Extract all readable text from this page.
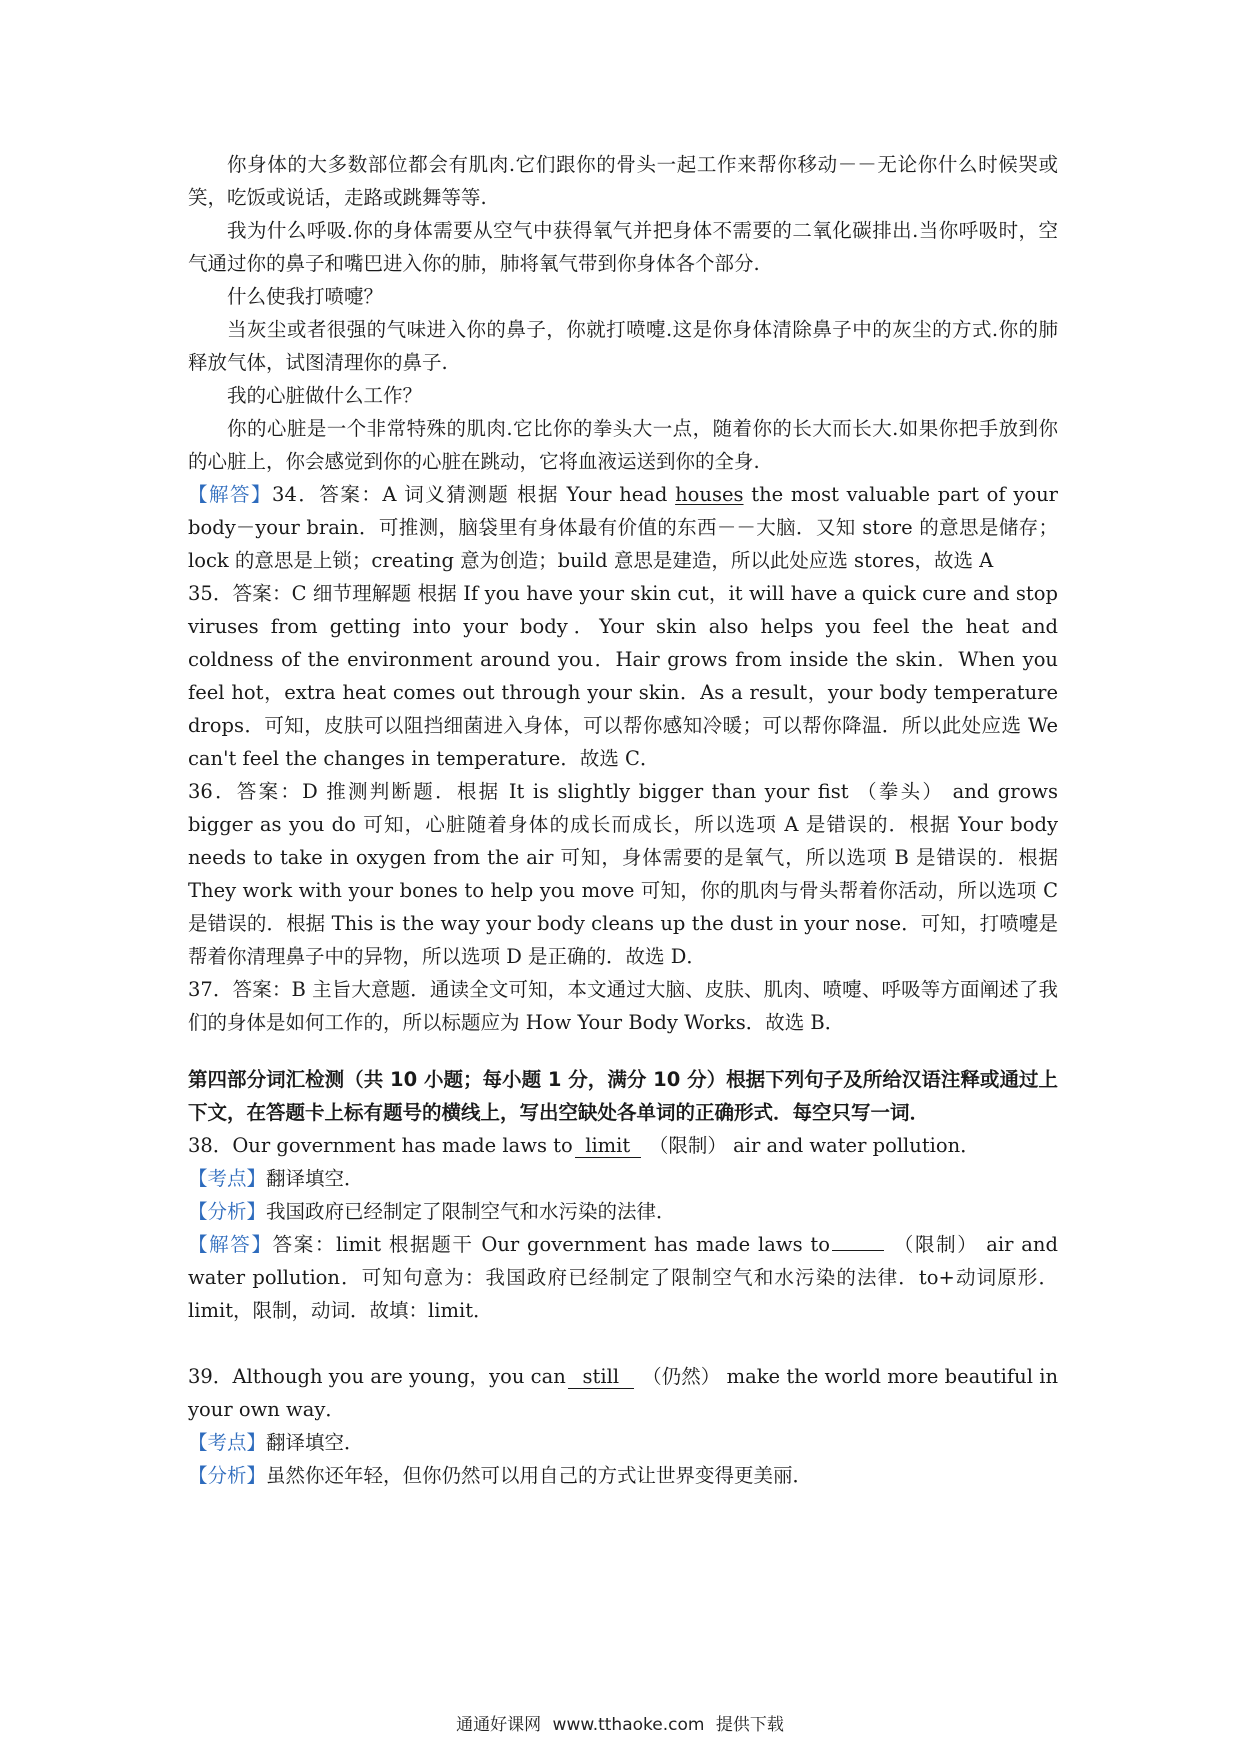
你身体的大多数部位都会有肌肉.它们跟你的骨头一起工作来帮你移动－－无论你什么时候哭或笑，吃饭或说话，走路或跳舞等等.

我为什么呼吸.你的身体需要从空气中获得氧气并把身体不需要的二氧化碳排出.当你呼吸时，空气通过你的鼻子和嘴巴进入你的肺，肺将氧气带到你身体各个部分.

什么使我打喷嚏？

当灰尘或者很强的气味进入你的鼻子，你就打喷嚏.这是你身体清除鼻子中的灰尘的方式.你的肺释放气体，试图清理你的鼻子.

我的心脏做什么工作？

你的心脏是一个非常特殊的肌肉.它比你的拳头大一点，随着你的长大而长大.如果你把手放到你的心脏上，你会感觉到你的心脏在跳动，它将血液运送到你的全身.

【解答】34．答案：A 词义猜测题 根据 Your head houses the most valuable part of your body－your brain．可推测，脑袋里有身体最有价值的东西－－大脑．又知 store 的意思是储存；lock 的意思是上锁；creating 意为创造；build 意思是建造，所以此处应选 stores，故选 A

35．答案：C 细节理解题 根据 If you have your skin cut，it will have a quick cure and stop viruses from getting into your body．Your skin also helps you feel the heat and coldness of the environment around you．Hair grows from inside the skin．When you feel hot，extra heat comes out through your skin．As a result，your body temperature drops．可知，皮肤可以阻挡细菌进入身体，可以帮你感知冷暖；可以帮你降温．所以此处应选 We can't feel the changes in temperature．故选 C．

36．答案：D 推测判断题．根据 It is slightly bigger than your fist （拳头） and grows bigger as you do 可知，心脏随着身体的成长而成长，所以选项 A 是错误的．根据 Your body needs to take in oxygen from the air 可知，身体需要的是氧气，所以选项 B 是错误的．根据 They work with your bones to help you move 可知，你的肌肉与骨头帮着你活动，所以选项 C 是错误的．根据 This is the way your body cleans up the dust in your nose．可知，打喷嚏是帮着你清理鼻子中的异物，所以选项 D 是正确的．故选 D．

37．答案：B 主旨大意题．通读全文可知，本文通过大脑、皮肤、肌肉、喷嚏、呼吸等方面阐述了我们的身体是如何工作的，所以标题应为 How Your Body Works．故选 B．

第四部分词汇检测（共 10 小题；每小题 1 分，满分 10 分）根据下列句子及所给汉语注释或通过上下文，在答题卡上标有题号的横线上，写出空缺处各单词的正确形式．每空只写一词．

38．Our government has made laws to limit （限制） air and water pollution．

【考点】翻译填空．

【分析】我国政府已经制定了限制空气和水污染的法律．

【解答】答案：limit 根据题干 Our government has made laws to	（限制） air and water pollution．可知句意为：我国政府已经制定了限制空气和水污染的法律．to+动词原形．limit，限制，动词．故填：limit．

39．Although you are young，you can still （仍然） make the world more beautiful in your own way．

【考点】翻译填空．

【分析】虽然你还年轻，但你仍然可以用自己的方式让世界变得更美丽．

通通好课网 www.tthaoke.com 提供下载
